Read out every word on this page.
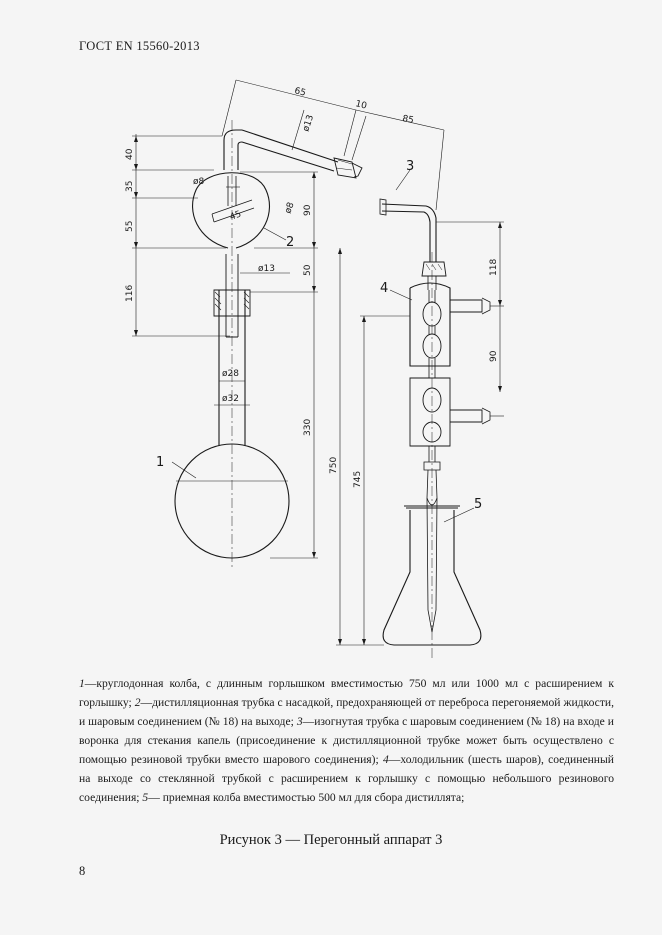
ГОСТ EN 15560-2013
65
10
85
ø13
40
35
55
116
ø8
45
ø8 90
50
ø13
ø28
ø32
330
750
745
118
90
1
2
3
4
5
1—круглодонная колба, с длинным горлышком вместимостью 750 мл или 1000 мл с расширением к горлышку; 2—дистилляционная трубка с насадкой, предохраняющей от переброса перегоняемой жидкости, и шаровым соединением (№ 18) на выходе; 3—изогнутая трубка с шаровым соединением (№ 18) на входе и воронка для стекания капель (присоединение к дистилляционной трубке может быть осуществлено с помощью резиновой трубки вместо шарового соединения); 4—холодильник (шесть шаров), соединенный на выходе со стеклянной трубкой с расширением к горлышку с помощью небольшого резинового соединения; 5— приемная колба вместимостью 500 мл для сбора дистиллята;
Рисунок 3 — Перегонный аппарат 3
8
